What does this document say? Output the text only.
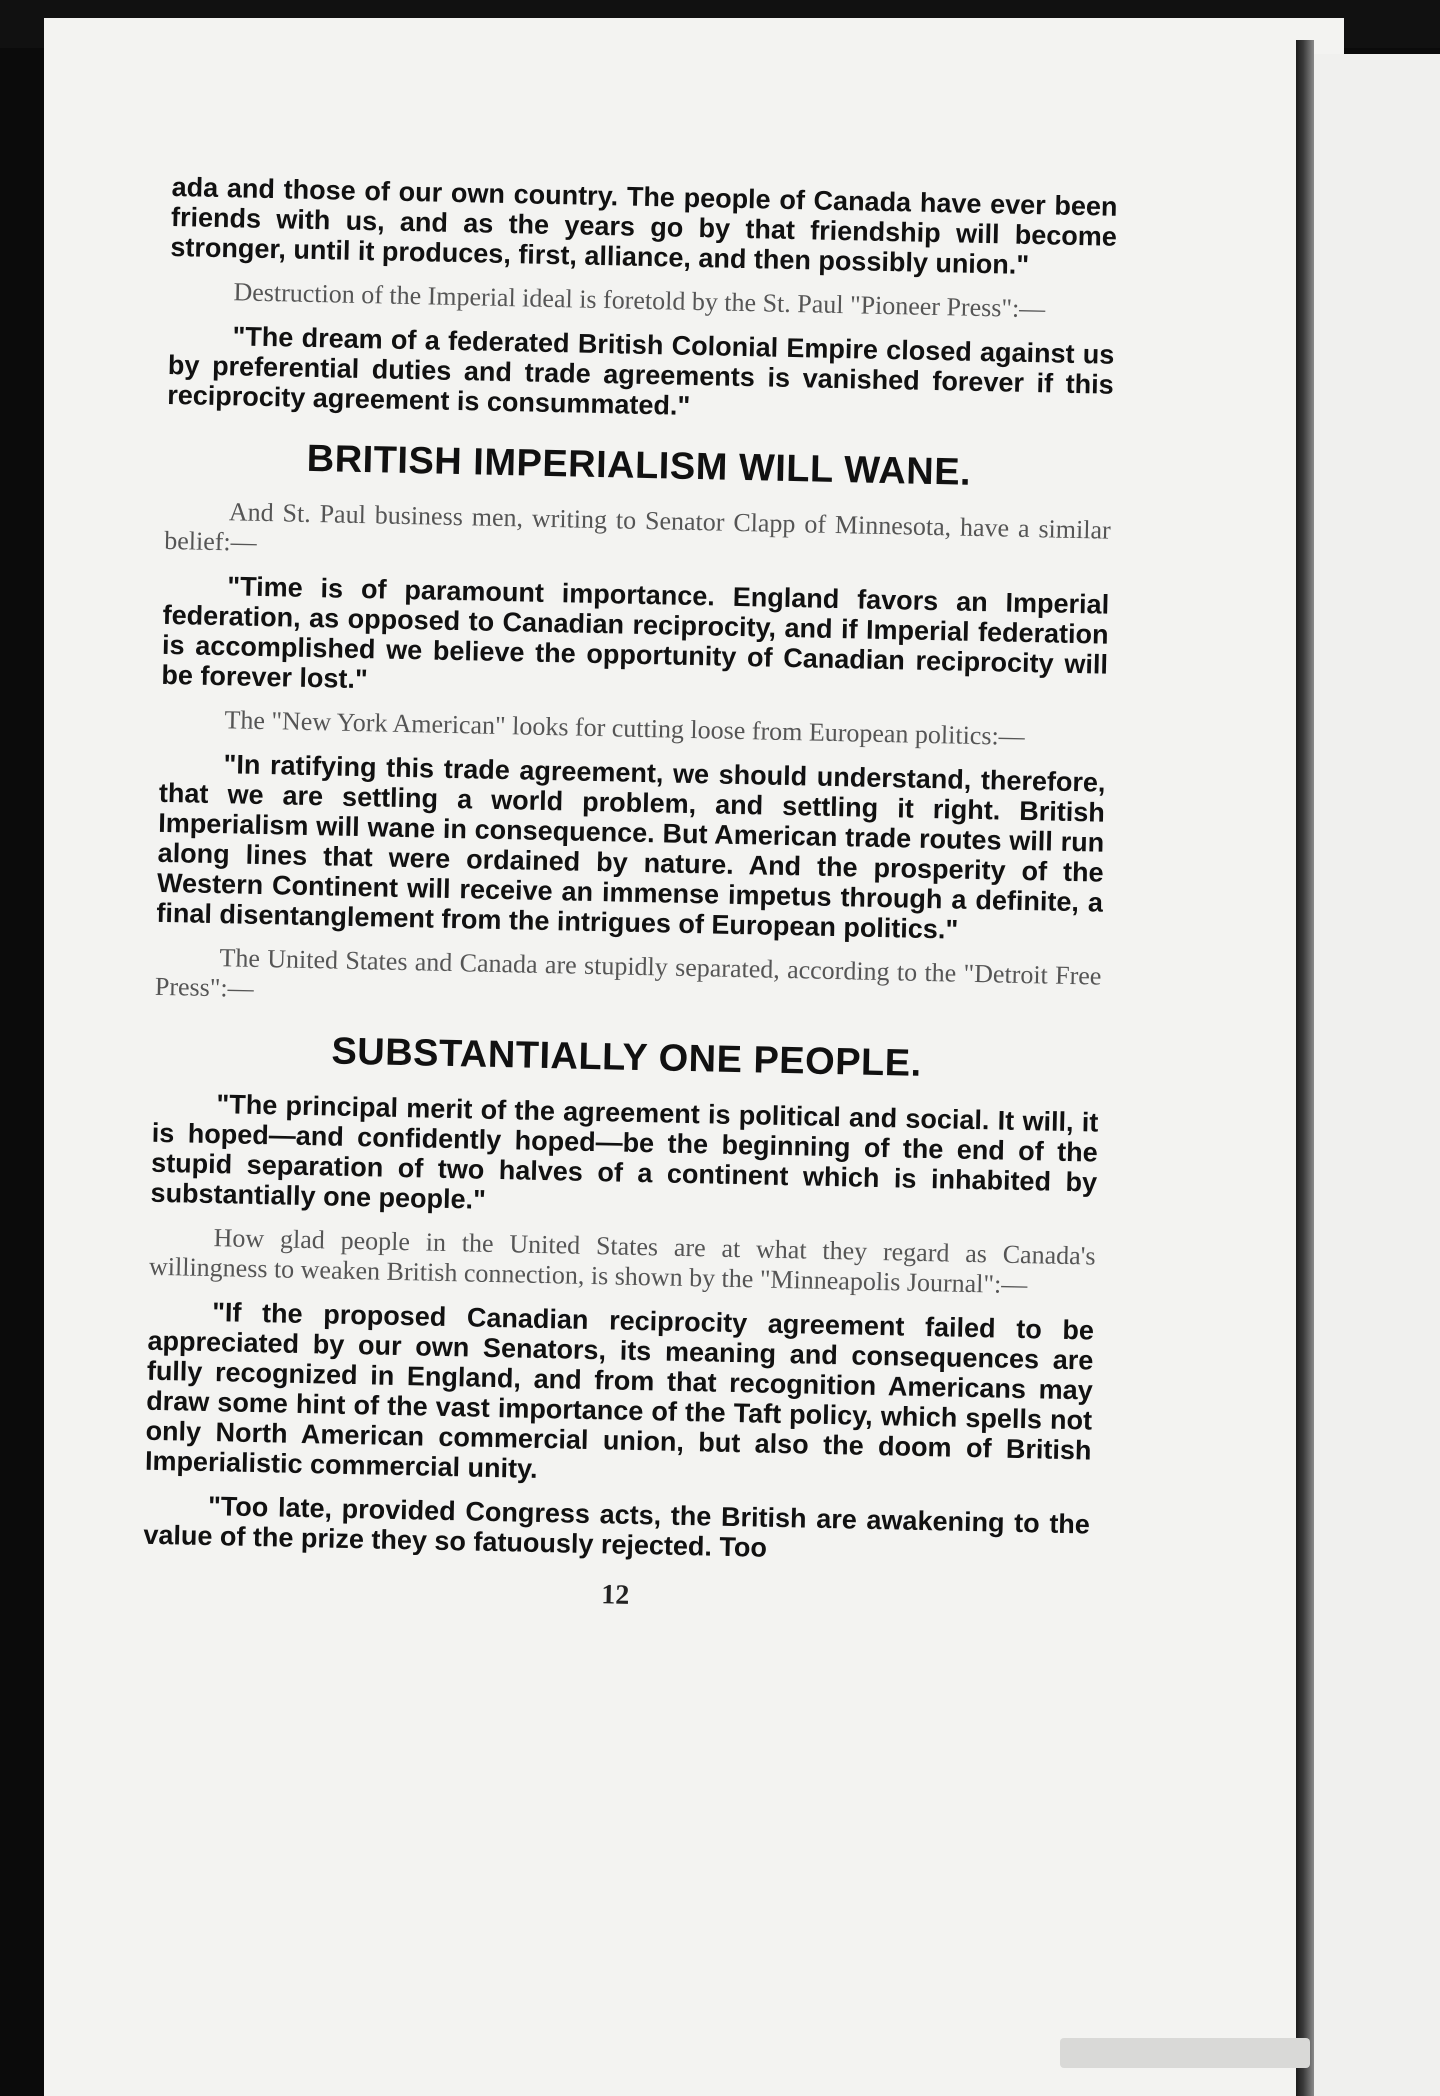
ada and those of our own country. The people of Canada have ever been friends with us, and as the years go by that friendship will become stronger, until it produces, first, alliance, and then possibly union."

Destruction of the Imperial ideal is foretold by the St. Paul "Pioneer Press":—

"The dream of a federated British Colonial Empire closed against us by preferential duties and trade agreements is vanished forever if this reciprocity agreement is consummated."

BRITISH IMPERIALISM WILL WANE.

And St. Paul business men, writing to Senator Clapp of Minnesota, have a similar belief:—

"Time is of paramount importance. England favors an Imperial federation, as opposed to Canadian reciprocity, and if Imperial federation is accomplished we believe the opportunity of Canadian reciprocity will be forever lost."

The "New York American" looks for cutting loose from European politics:—

"In ratifying this trade agreement, we should understand, therefore, that we are settling a world problem, and settling it right. British Imperialism will wane in consequence. But American trade routes will run along lines that were ordained by nature. And the prosperity of the Western Continent will receive an immense impetus through a definite, a final disentanglement from the intrigues of European politics."

The United States and Canada are stupidly separated, according to the "Detroit Free Press":—

SUBSTANTIALLY ONE PEOPLE.

"The principal merit of the agreement is political and social. It will, it is hoped—and confidently hoped—be the beginning of the end of the stupid separation of two halves of a continent which is inhabited by substantially one people."

How glad people in the United States are at what they regard as Canada's willingness to weaken British connection, is shown by the "Minneapolis Journal":—

"If the proposed Canadian reciprocity agreement failed to be appreciated by our own Senators, its meaning and consequences are fully recognized in England, and from that recognition Americans may draw some hint of the vast importance of the Taft policy, which spells not only North American commercial union, but also the doom of British Imperialistic commercial unity.

"Too late, provided Congress acts, the British are awakening to the value of the prize they so fatuously rejected. Too

12
